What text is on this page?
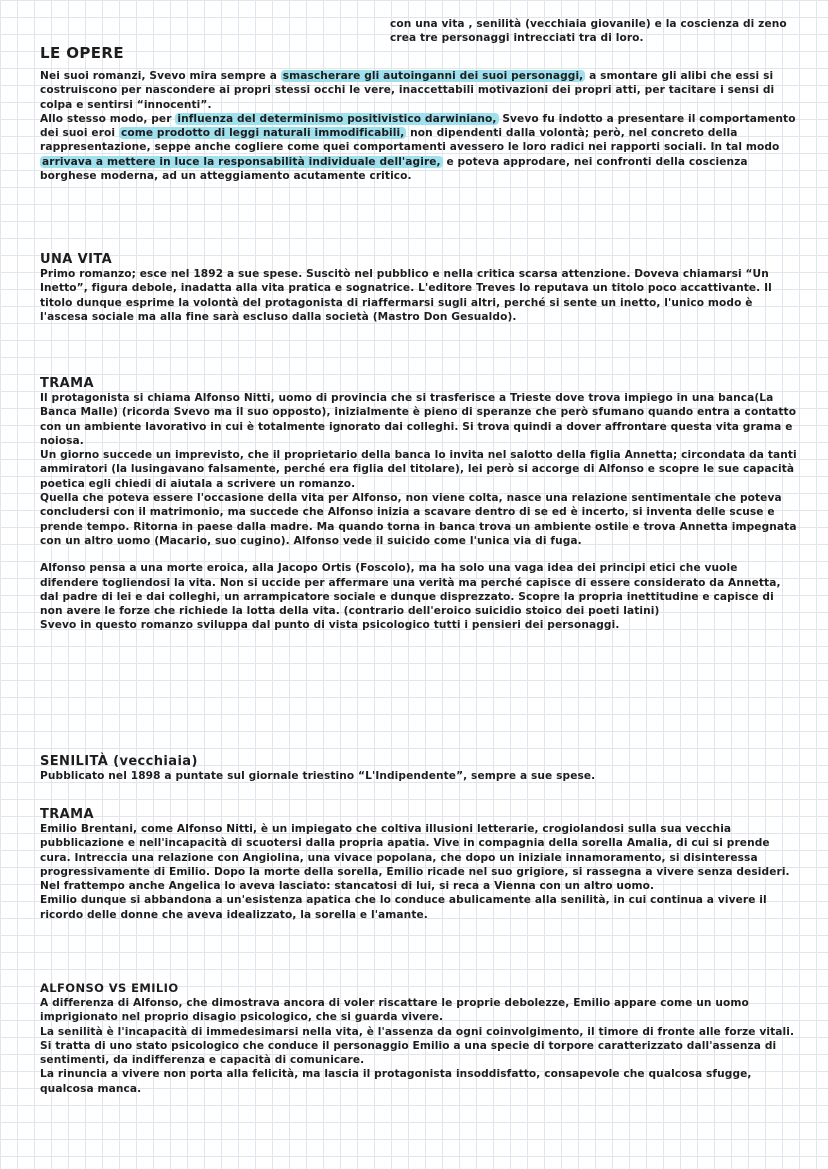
con una vita , senilità (vecchiaia giovanile) e la coscienza di zeno crea tre personaggi intrecciati tra di loro.
LE OPERE

Nei suoi romanzi, Svevo mira sempre a smascherare gli autoinganni dei suoi personaggi, a smontare gli alibi che essi si costruiscono per nascondere ai propri stessi occhi le vere, inaccettabili motivazioni dei propri atti, per tacitare i sensi di colpa e sentirsi “innocenti”.

Allo stesso modo, per influenza del determinismo positivistico darwiniano, Svevo fu indotto a presentare il comportamento dei suoi eroi come prodotto di leggi naturali immodificabili, non dipendenti dalla volontà; però, nel concreto della rappresentazione, seppe anche cogliere come quei comportamenti avessero le loro radici nei rapporti sociali. In tal modo arrivava a mettere in luce la responsabilità individuale dell'agire, e poteva approdare, nei confronti della coscienza borghese moderna, ad un atteggiamento acutamente critico.

UNA VITA

Primo romanzo; esce nel 1892 a sue spese. Suscitò nel pubblico e nella critica scarsa attenzione. Doveva chiamarsi “Un Inetto”, figura debole, inadatta alla vita pratica e sognatrice. L'editore Treves lo reputava un titolo poco accattivante. Il titolo dunque esprime la volontà del protagonista di riaffermarsi sugli altri, perché si sente un inetto, l'unico modo è l'ascesa sociale ma alla fine sarà escluso dalla società (Mastro Don Gesualdo).

TRAMA

Il protagonista si chiama Alfonso Nitti, uomo di provincia che si trasferisce a Trieste dove trova impiego in una banca(La Banca Malle) (ricorda Svevo ma il suo opposto), inizialmente è pieno di speranze che però sfumano quando entra a contatto con un ambiente lavorativo in cui è totalmente ignorato dai colleghi. Si trova quindi a dover affrontare questa vita grama e noiosa.

Un giorno succede un imprevisto, che il proprietario della banca lo invita nel salotto della figlia Annetta; circondata da tanti ammiratori (la lusingavano falsamente, perché era figlia del titolare), lei però si accorge di Alfonso e scopre le sue capacità poetica egli chiedi di aiutala a scrivere un romanzo.

Quella che poteva essere l'occasione della vita per Alfonso, non viene colta, nasce una relazione sentimentale che poteva concludersi con il matrimonio, ma succede che Alfonso inizia a scavare dentro di se ed è incerto, si inventa delle scuse e prende tempo. Ritorna in paese dalla madre. Ma quando torna in banca trova un ambiente ostile e trova Annetta impegnata con un altro uomo (Macario, suo cugino). Alfonso vede il suicido come l'unica via di fuga.

Alfonso pensa a una morte eroica, alla Jacopo Ortis (Foscolo), ma ha solo una vaga idea dei principi etici che vuole difendere togliendosi la vita. Non si uccide per affermare una verità ma perché capisce di essere considerato da Annetta, dal padre di lei e dai colleghi, un arrampicatore sociale e dunque disprezzato. Scopre la propria inettitudine e capisce di non avere le forze che richiede la lotta della vita. (contrario dell'eroico suicidio stoico dei poeti latini)

Svevo in questo romanzo sviluppa dal punto di vista psicologico tutti i pensieri dei personaggi.

SENILITÀ (vecchiaia)

Pubblicato nel 1898 a puntate sul giornale triestino “L'Indipendente”, sempre a sue spese.

TRAMA

Emilio Brentani, come Alfonso Nitti, è un impiegato che coltiva illusioni letterarie, crogiolandosi sulla sua vecchia pubblicazione e nell'incapacità di scuotersi dalla propria apatia. Vive in compagnia della sorella Amalia, di cui si prende cura. Intreccia una relazione con Angiolina, una vivace popolana, che dopo un iniziale innamoramento, si disinteressa progressivamente di Emilio. Dopo la morte della sorella, Emilio ricade nel suo grigiore, si rassegna a vivere senza desideri. Nel frattempo anche Angelica lo aveva lasciato: stancatosi di lui, si reca a Vienna con un altro uomo.

Emilio dunque si abbandona a un'esistenza apatica che lo conduce abulicamente alla senilità, in cui continua a vivere il ricordo delle donne che aveva idealizzato, la sorella e l'amante.

ALFONSO VS EMILIO

A differenza di Alfonso, che dimostrava ancora di voler riscattare le proprie debolezze, Emilio appare come un uomo imprigionato nel proprio disagio psicologico, che si guarda vivere.

La senilità è l'incapacità di immedesimarsi nella vita, è l'assenza da ogni coinvolgimento, il timore di fronte alle forze vitali.

Si tratta di uno stato psicologico che conduce il personaggio Emilio a una specie di torpore caratterizzato dall'assenza di sentimenti, da indifferenza e capacità di comunicare.

La rinuncia a vivere non porta alla felicità, ma lascia il protagonista insoddisfatto, consapevole che qualcosa sfugge, qualcosa manca.
